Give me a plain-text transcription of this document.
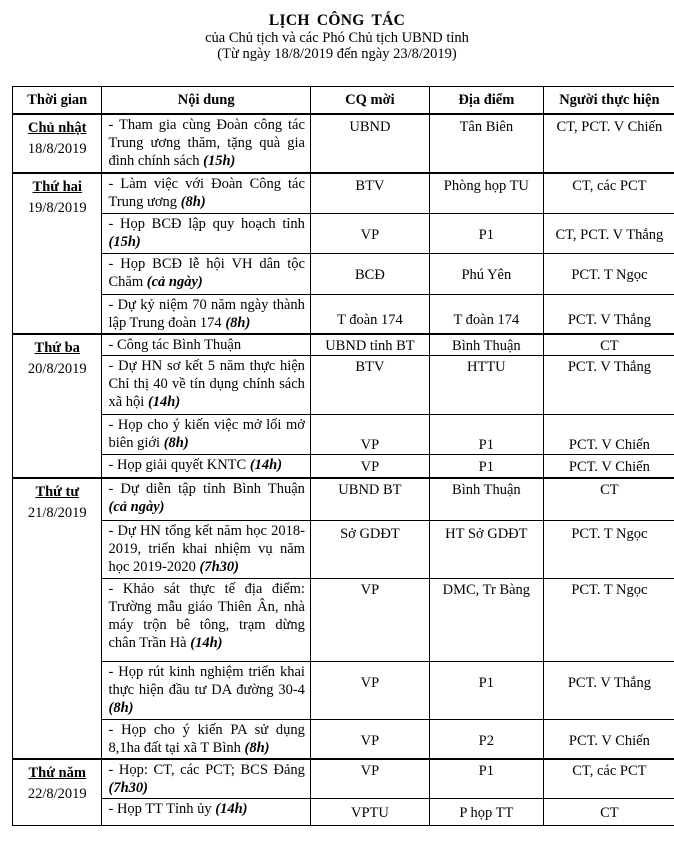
LỊCH CÔNG TÁC
của Chủ tịch và các Phó Chủ tịch UBND tỉnh
(Từ ngày 18/8/2019 đến ngày 23/8/2019)
Thời gian	Nội dung	CQ mời	Địa điểm	Người thực hiện

Chủ nhật
18/8/2019	- Tham gia cùng Đoàn công tác Trung ương thăm, tặng quà gia đình chính sách (15h)	UBND	Tân Biên	CT, PCT. V Chiến

Thứ hai
19/8/2019	- Làm việc với Đoàn Công tác Trung ương (8h)	BTV	Phòng họp TU	CT, các PCT

	- Họp BCĐ lập quy hoạch tỉnh (15h)	VP	P1	CT, PCT. V Thắng

	- Họp BCĐ lễ hội VH dân tộc Chăm (cả ngày)	BCĐ	Phú Yên	PCT. T Ngọc

	- Dự kỷ niệm 70 năm ngày thành lập Trung đoàn 174 (8h)	T đoàn 174	T đoàn 174	PCT. V Thắng

Thứ ba
20/8/2019	- Công tác Bình Thuận	UBND tỉnh BT	Bình Thuận	CT

	- Dự HN sơ kết 5 năm thực hiện Chỉ thị 40 về tín dụng chính sách xã hội (14h)	BTV	HTTU	PCT. V Thắng

	- Họp cho ý kiến việc mở lối mở biên giới (8h)	VP	P1	PCT. V Chiến

	- Họp giải quyết KNTC (14h)	VP	P1	PCT. V Chiến

Thứ tư
21/8/2019	- Dự diễn tập tỉnh Bình Thuận (cả ngày)	UBND BT	Bình Thuận	CT

	- Dự HN tổng kết năm học 2018-2019, triển khai nhiệm vụ năm học 2019-2020 (7h30)	Sở GDĐT	HT Sở GDĐT	PCT. T Ngọc

	- Khảo sát thực tế địa điểm: Trường mẫu giáo Thiên Ân, nhà máy trộn bê tông, trạm dừng chân Trần Hà (14h)	VP	DMC, Tr Bàng	PCT. T Ngọc

	- Họp rút kinh nghiệm triển khai thực hiện đầu tư DA đường 30-4 (8h)	VP	P1	PCT. V Thắng

	- Họp cho ý kiến PA sử dụng 8,1ha đất tại xã T Bình (8h)	VP	P2	PCT. V Chiến

Thứ năm
22/8/2019	- Họp: CT, các PCT; BCS Đảng (7h30)	VP	P1	CT, các PCT

	- Họp TT Tỉnh ủy (14h)	VPTU	P họp TT	CT
